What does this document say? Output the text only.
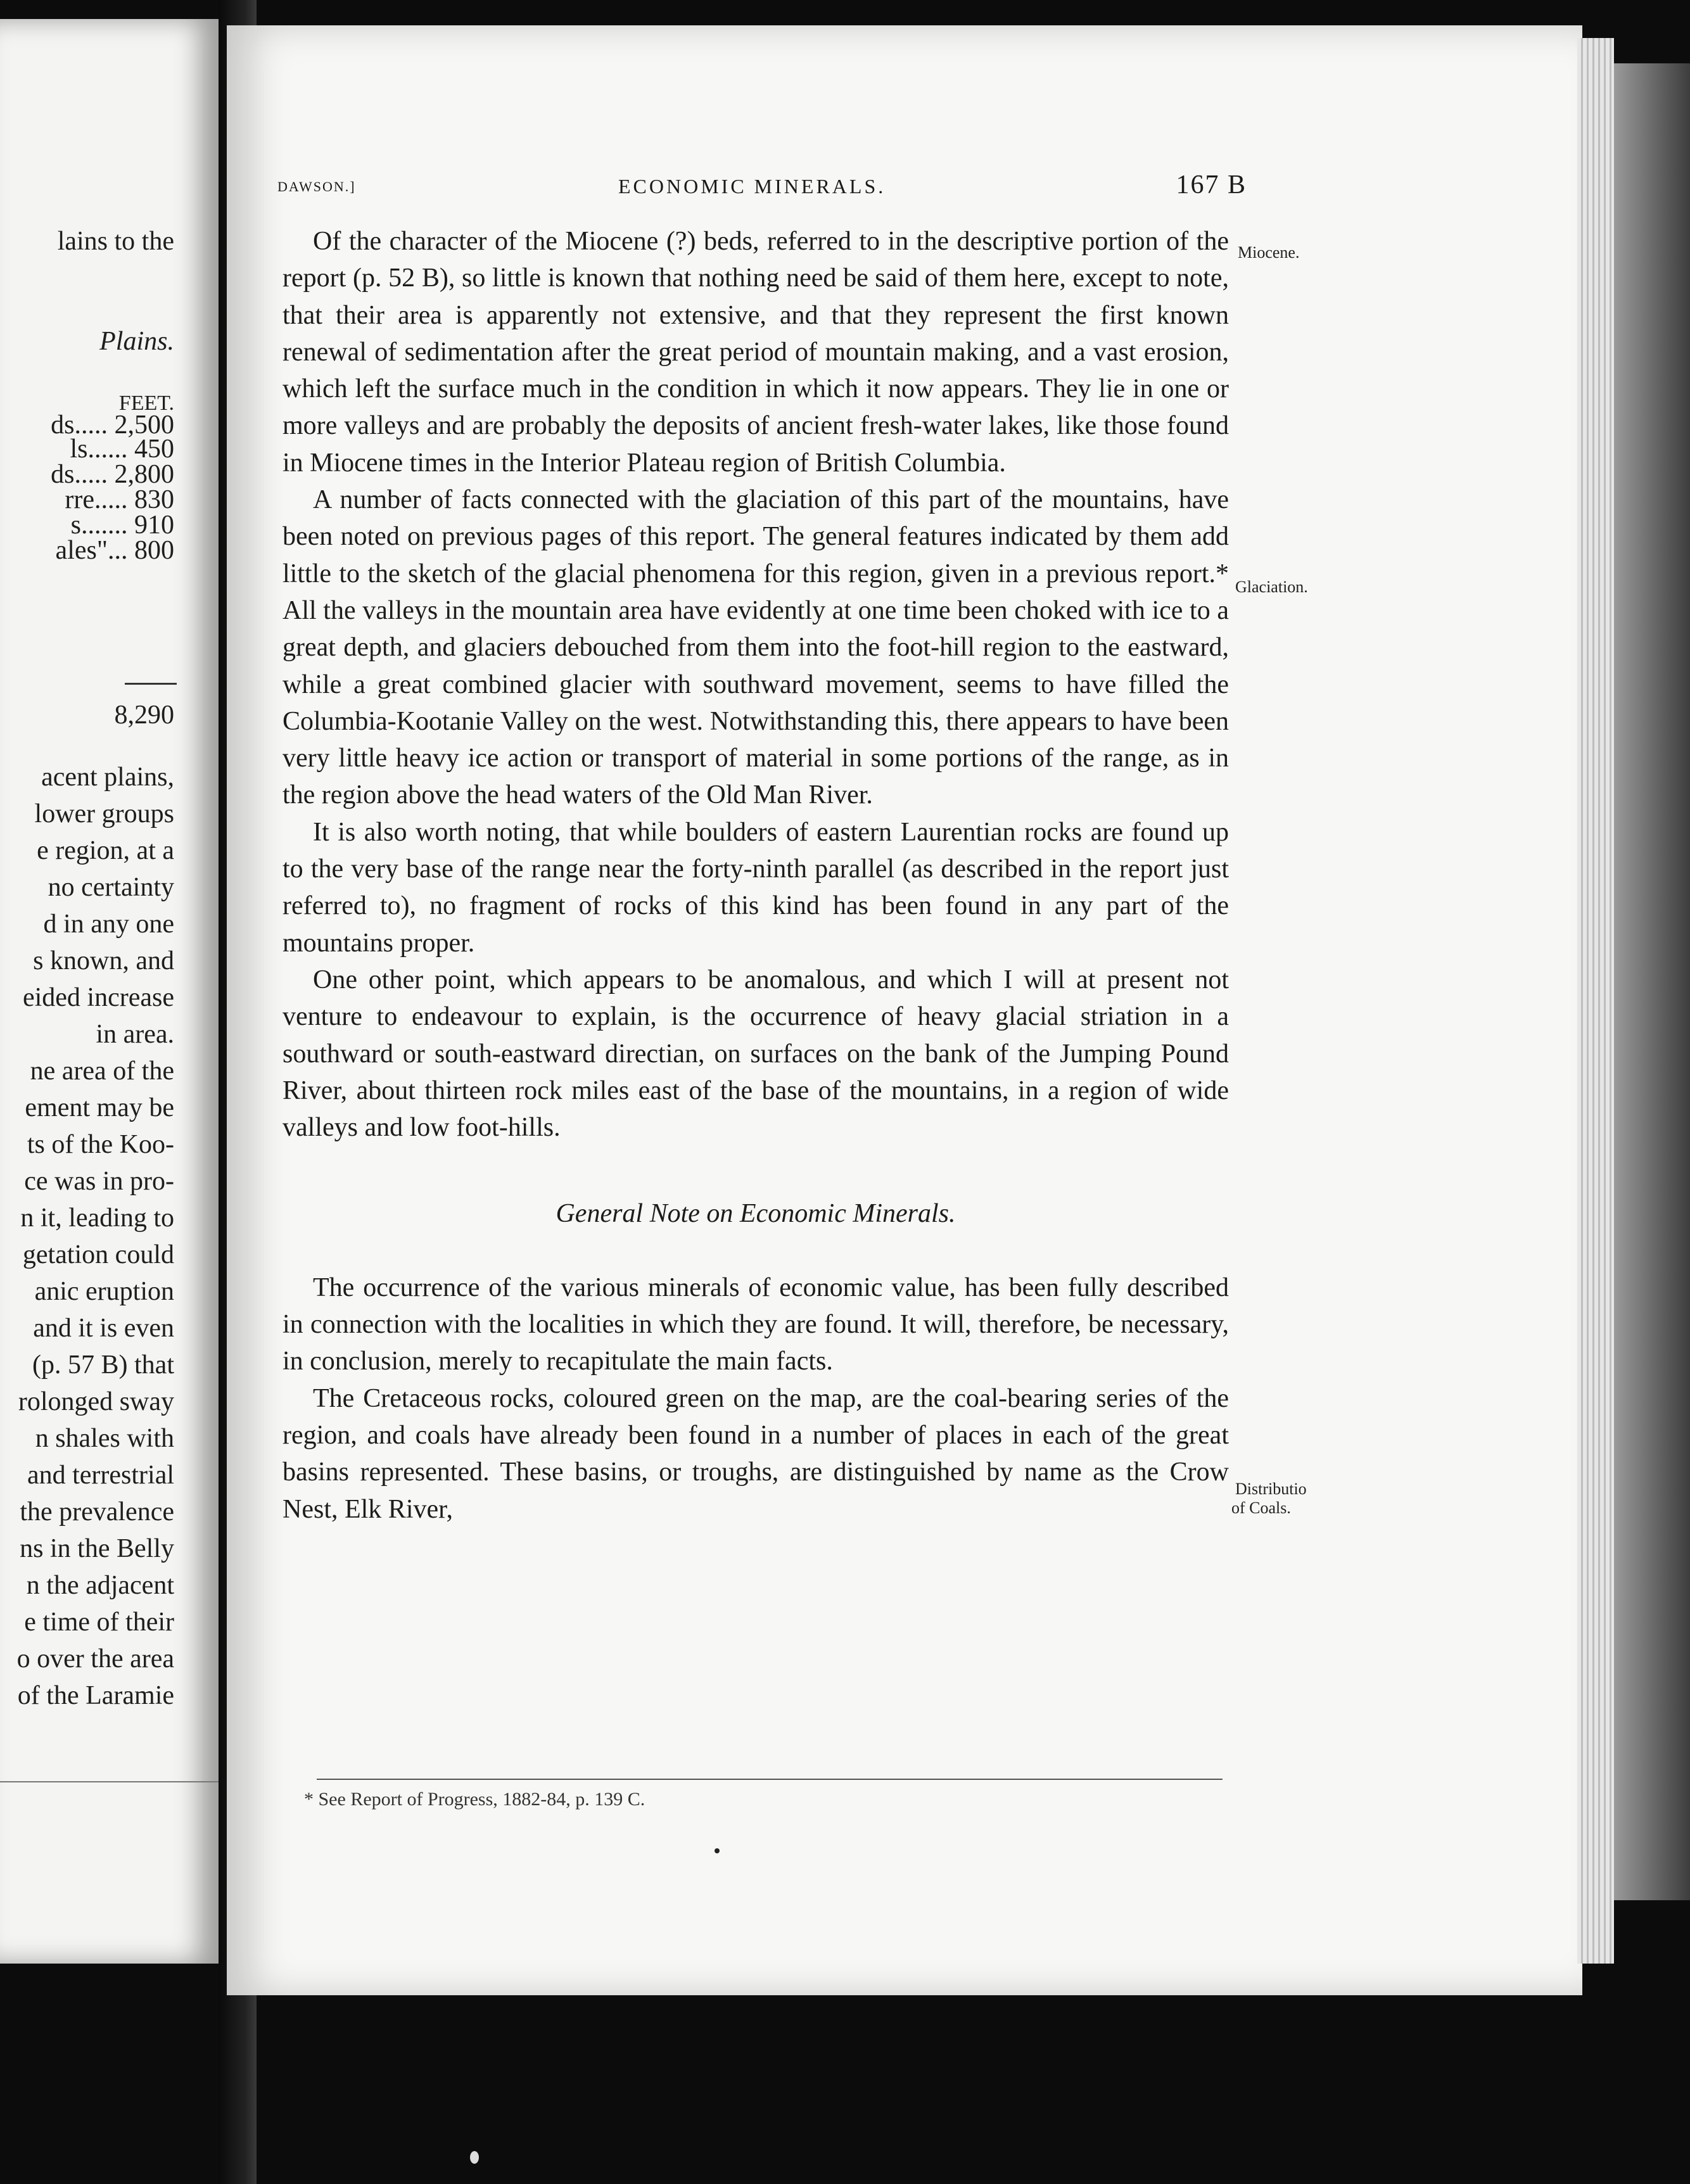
lains to the
Plains.
FEET.
ds..... 2,500
ls...... 450
ds..... 2,800
rre..... 830
s....... 910
ales"... 800
8,290
acent plains,
lower groups
e region, at a
no certainty
d in any one
s known, and
eided increase
in area.
ne area of the
ement may be
ts of the Koo-
ce was in pro-
n it, leading to
getation could
anic eruption
and it is even
(p. 57 B) that
rolonged sway
n shales with
and terrestrial
the prevalence
ns in the Belly
n the adjacent
e time of their
o over the area
of the Laramie
DAWSON.]	ECONOMIC MINERALS.	167 B

Of the character of the Miocene (?) beds, referred to in the descriptive portion of the report (p. 52 B), so little is known that nothing need be said of them here, except to note, that their area is apparently not extensive, and that they represent the first known renewal of sedimentation after the great period of mountain making, and a vast erosion, which left the surface much in the condition in which it now appears. They lie in one or more valleys and are probably the deposits of ancient fresh-water lakes, like those found in Miocene times in the Interior Plateau region of British Columbia.

A number of facts connected with the glaciation of this part of the mountains, have been noted on previous pages of this report. The general features indicated by them add little to the sketch of the glacial phenomena for this region, given in a previous report.* All the valleys in the mountain area have evidently at one time been choked with ice to a great depth, and glaciers debouched from them into the foot-hill region to the eastward, while a great combined glacier with southward movement, seems to have filled the Columbia-Kootanie Valley on the west. Notwithstanding this, there appears to have been very little heavy ice action or transport of material in some portions of the range, as in the region above the head waters of the Old Man River.

It is also worth noting, that while boulders of eastern Laurentian rocks are found up to the very base of the range near the forty-ninth parallel (as described in the report just referred to), no fragment of rocks of this kind has been found in any part of the mountains proper.

One other point, which appears to be anomalous, and which I will at present not venture to endeavour to explain, is the occurrence of heavy glacial striation in a southward or south-eastward directian, on surfaces on the bank of the Jumping Pound River, about thirteen rock miles east of the base of the mountains, in a region of wide valleys and low foot-hills.

General Note on Economic Minerals.

The occurrence of the various minerals of economic value, has been fully described in connection with the localities in which they are found. It will, therefore, be necessary, in conclusion, merely to recapitulate the main facts.

The Cretaceous rocks, coloured green on the map, are the coal-bearing series of the region, and coals have already been found in a number of places in each of the great basins represented. These basins, or troughs, are distinguished by name as the Crow Nest, Elk River,

Miocene.
Glaciation.
Distributio
of Coals.
* See Report of Progress, 1882-84, p. 139 C.
